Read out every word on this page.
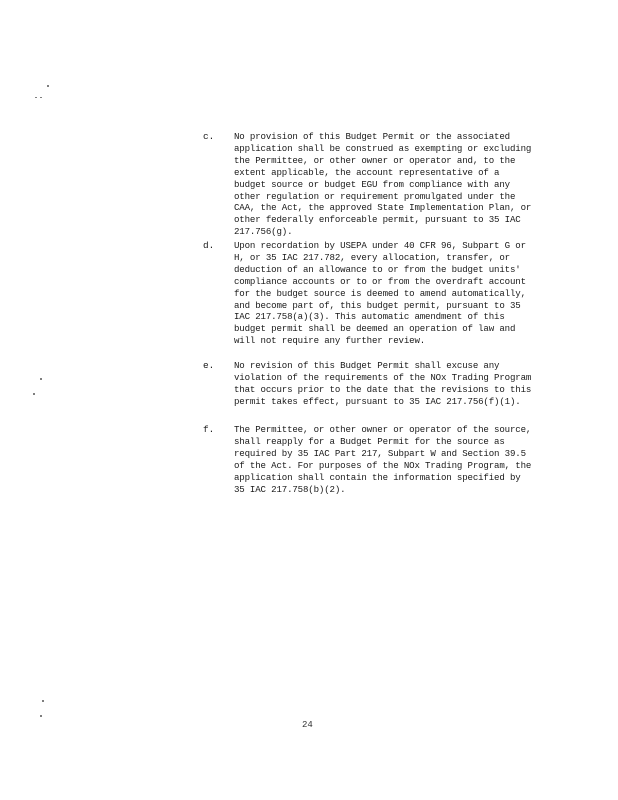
c. No provision of this Budget Permit or the associated application shall be construed as exempting or excluding the Permittee, or other owner or operator and, to the extent applicable, the account representative of a budget source or budget EGU from compliance with any other regulation or requirement promulgated under the CAA, the Act, the approved State Implementation Plan, or other federally enforceable permit, pursuant to 35 IAC 217.756(g).
d. Upon recordation by USEPA under 40 CFR 96, Subpart G or H, or 35 IAC 217.782, every allocation, transfer, or deduction of an allowance to or from the budget units' compliance accounts or to or from the overdraft account for the budget source is deemed to amend automatically, and become part of, this budget permit, pursuant to 35 IAC 217.758(a)(3). This automatic amendment of this budget permit shall be deemed an operation of law and will not require any further review.
e. No revision of this Budget Permit shall excuse any violation of the requirements of the NOx Trading Program that occurs prior to the date that the revisions to this permit takes effect, pursuant to 35 IAC 217.756(f)(1).
f. The Permittee, or other owner or operator of the source, shall reapply for a Budget Permit for the source as required by 35 IAC Part 217, Subpart W and Section 39.5 of the Act. For purposes of the NOx Trading Program, the application shall contain the information specified by 35 IAC 217.758(b)(2).
24
